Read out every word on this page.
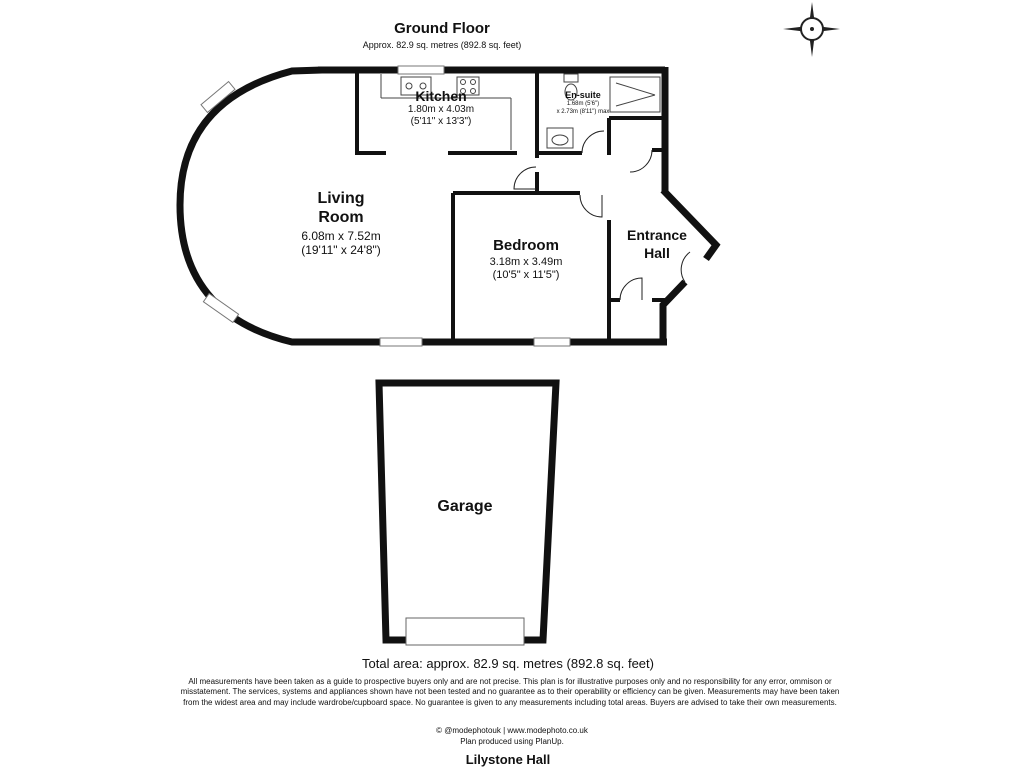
Ground Floor
Approx. 82.9 sq. metres (892.8 sq. feet)
Kitchen
1.80m x 4.03m
(5'11" x 13'3")
En-suite
1.68m (5'6")
x 2.73m (8'11") max
Living
Room
6.08m x 7.52m
(19'11" x 24'8")	Bedroom
3.18m x 3.49m
(10'5" x 11'5")
Entrance
Hall
Garage
Total area: approx. 82.9 sq. metres (892.8 sq. feet)
All measurements have been taken as a guide to prospective buyers only and are not precise. This plan is for illustrative purposes only and no responsibility for any error, ommison or misstatement. The services, systems and appliances shown have not been tested and no guarantee as to their operability or efficiency can be given. Measurements may have been taken from the widest area and may include wardrobe/cupboard space. No guarantee is given to any measurements including total areas. Buyers are advised to take their own measurements.
© @modephotouk | www.modephoto.co.uk
Plan produced using PlanUp.
Lilystone Hall
